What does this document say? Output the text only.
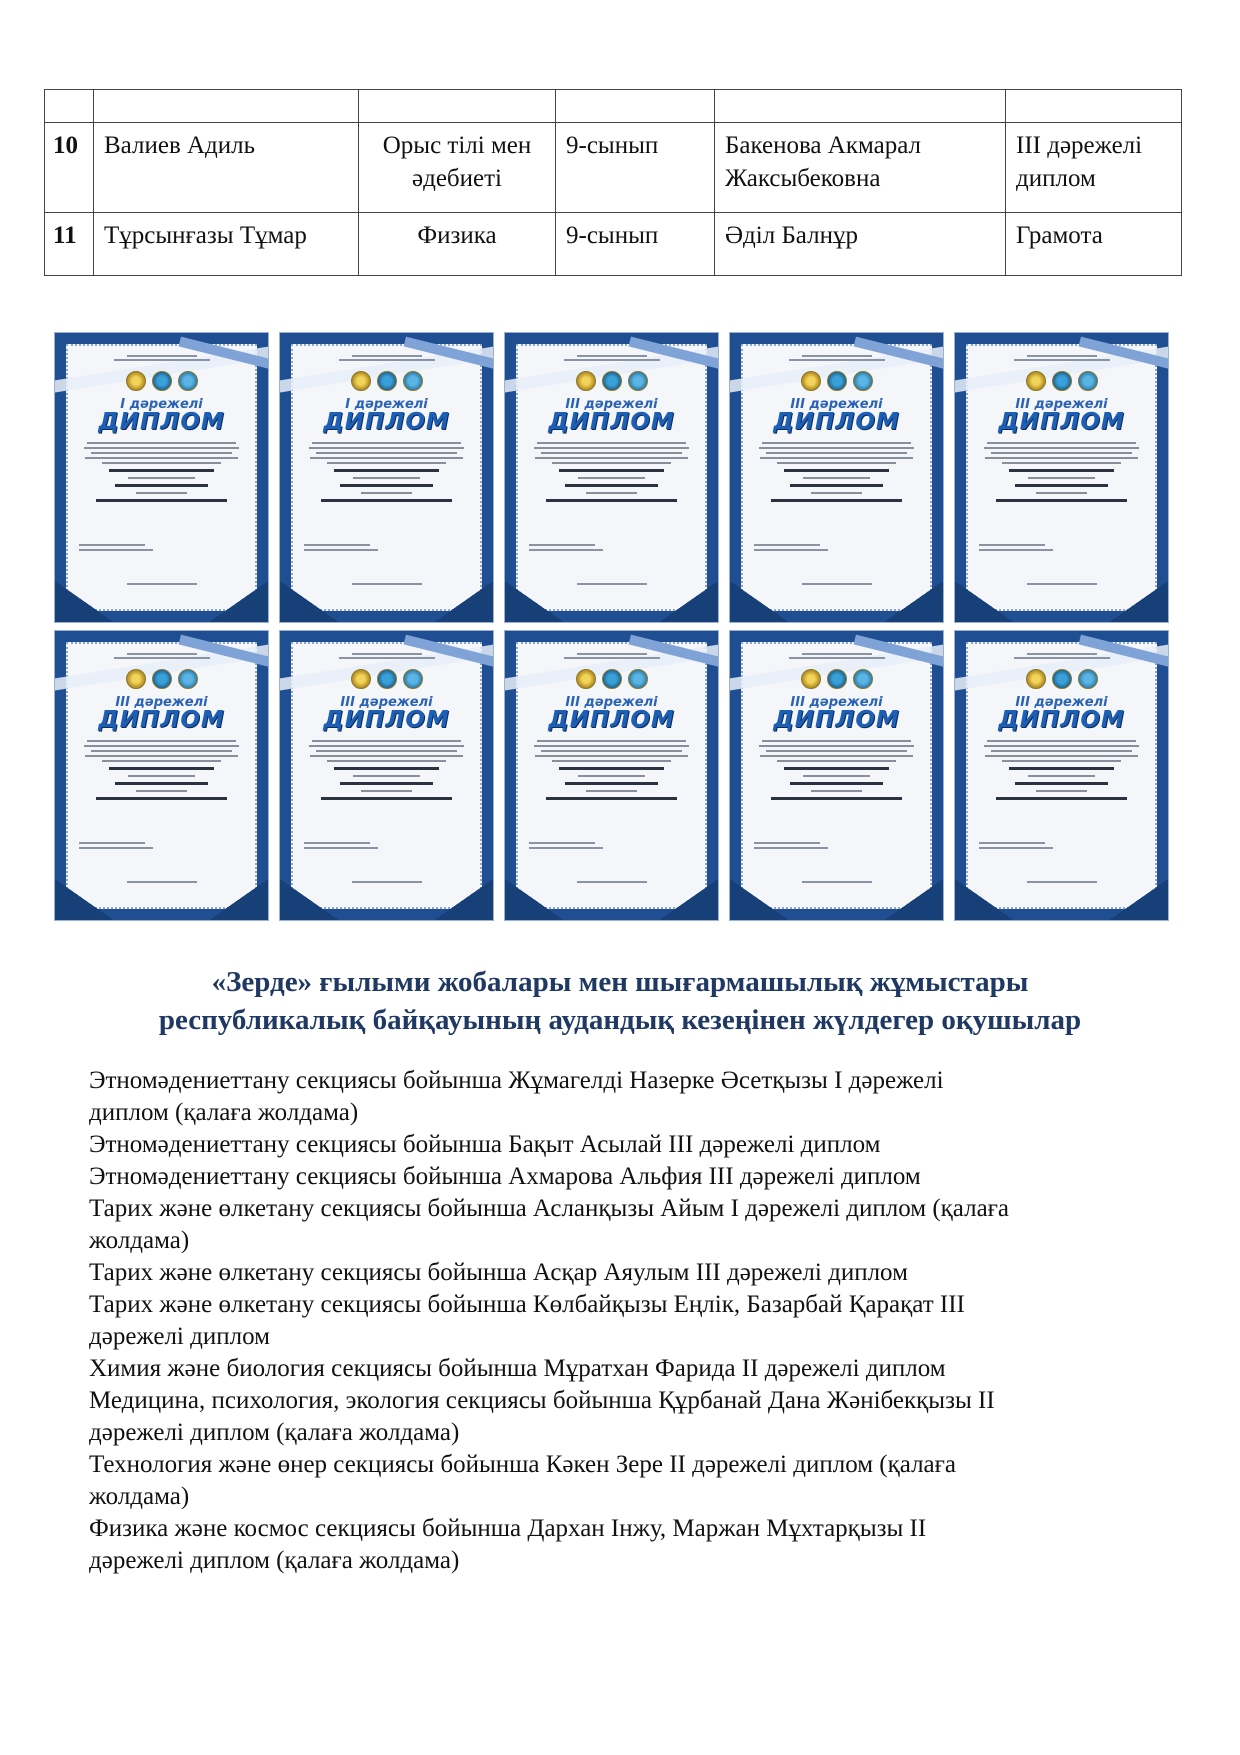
10	Валиев Адиль	Орыс тілі мен әдебиеті	9-сынып	Бакенова Акмарал Жаксыбековна	III дәрежелі диплом
11	Тұрсынғазы Тұмар	Физика	9-сынып	Әділ Балнұр	Грамота
I дәрежелі
ДИПЛОМ
I дәрежелі
ДИПЛОМ
III дәрежелі
ДИПЛОМ
III дәрежелі
ДИПЛОМ
III дәрежелі
ДИПЛОМ
III дәрежелі
ДИПЛОМ
III дәрежелі
ДИПЛОМ
III дәрежелі
ДИПЛОМ
III дәрежелі
ДИПЛОМ
III дәрежелі
ДИПЛОМ
«Зерде» ғылыми жобалары мен шығармашылық жұмыстары
республикалық байқауының аудандық кезеңінен жүлдегер оқушылар
Этномәдениеттану секциясы бойынша Жұмагелді Назерке Әсетқызы І дәрежелі
диплом (қалаға жолдама)
Этномәдениеттану секциясы бойынша Бақыт Асылай ІІІ дәрежелі диплом
Этномәдениеттану секциясы бойынша Ахмарова Альфия ІІІ дәрежелі диплом
Тарих және өлкетану секциясы бойынша Асланқызы Айым І дәрежелі диплом (қалаға
жолдама)
Тарих және өлкетану секциясы бойынша Асқар Аяулым ІІІ дәрежелі диплом
Тарих және өлкетану секциясы бойынша Көлбайқызы Еңлік, Базарбай Қарақат ІІІ
дәрежелі диплом
Химия және биология секциясы бойынша Мұратхан Фарида ІІ дәрежелі диплом
Медицина, психология, экология секциясы бойынша Құрбанай Дана Жәнібекқызы ІІ
дәрежелі диплом (қалаға жолдама)
Технология және өнер секциясы бойынша Кәкен Зере ІІ дәрежелі диплом (қалаға
жолдама)
Физика және космос секциясы бойынша Дархан Інжу, Маржан Мұхтарқызы ІІ
дәрежелі диплом (қалаға жолдама)
